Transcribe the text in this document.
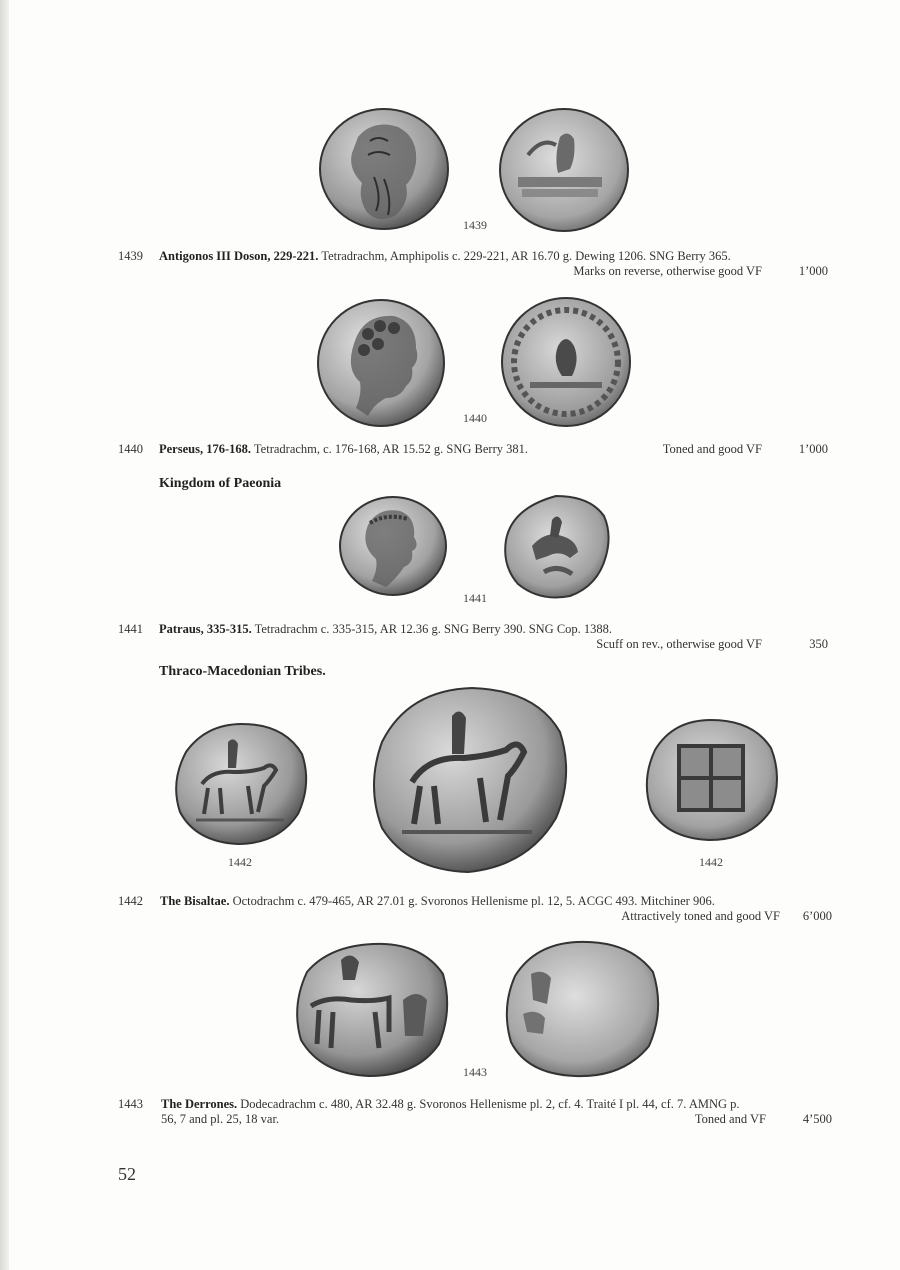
1439
1439 Antigonos III Doson, 229-221. Tetradrachm, Amphipolis c. 229-221, AR 16.70 g. Dewing 1206. SNG Berry 365.
Marks on reverse, otherwise good VF	1’000
1440
1440 Perseus, 176-168. Tetradrachm, c. 176-168, AR 15.52 g. SNG Berry 381.	Toned and good VF	1’000
Kingdom of Paeonia
1441
1441 Patraus, 335-315. Tetradrachm c. 335-315, AR 12.36 g. SNG Berry 390. SNG Cop. 1388.
Scuff on rev., otherwise good VF	350
Thraco-Macedonian Tribes.
1442	1442
1442 The Bisaltae. Octodrachm c. 479-465, AR 27.01 g. Svoronos Hellenisme pl. 12, 5. ACGC 493. Mitchiner 906.
Attractively toned and good VF 6’000
1443
1443 The Derrones. Dodecadrachm c. 480, AR 32.48 g. Svoronos Hellenisme pl. 2, cf. 4. Traité I pl. 44, cf. 7. AMNG p.
56, 7 and pl. 25, 18 var.	Toned and VF	4’500
52
